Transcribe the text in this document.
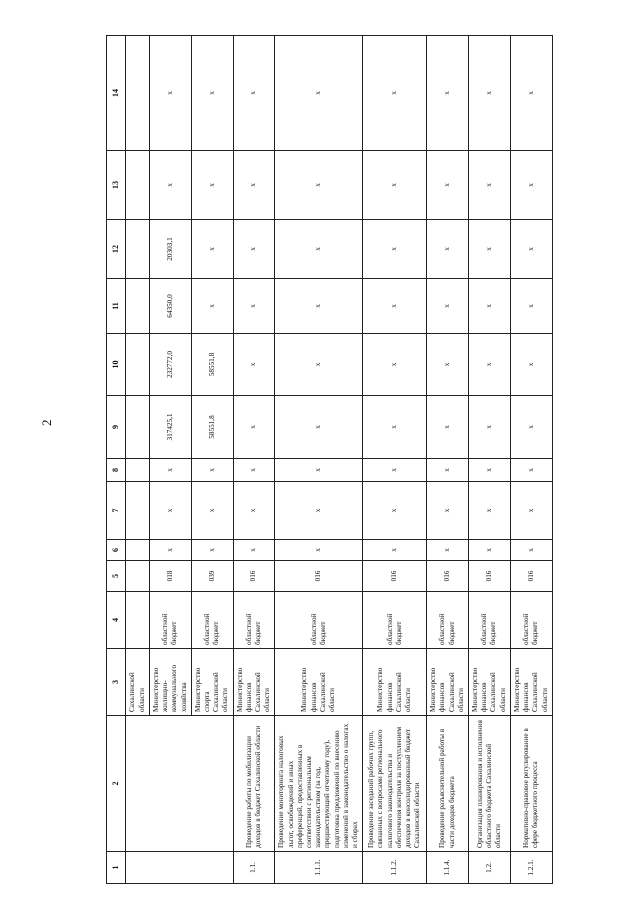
2
1	2	3	4	5	6	7	8	9	10	11	12	13	14
		Сахалинской области											
		Министерство жилищно-коммунального хозяйства	областной бюджет	018	х	х	х	317425,1	232772,0	64350,0	20303,1	х	х
		Министерство спорта Сахалинской области	областной бюджет	039	х	х	х	58551,8	58551,8	х	х	х	х
1.1.	Проведение работы по мобилизации доходов в бюджет Сахалинской области	Министерство финансов Сахалинской области	областной бюджет	016	х	х	х	х	х	х	х	х	х
1.1.1.	Проведение мониторинга налоговых льгот, освобождений и иных преференций, предоставленных в соответствии с региональным законодательством (за год, предшествующий отчетному году), подготовка предложений по внесению изменений в законодательство о налогах и сборах	Министерство финансов Сахалинской области	областной бюджет	016	х	х	х	х	х	х	х	х	х
1.1.2.	Проведение заседаний рабочих групп, связанных с вопросами регионального налогового законодательства и обеспечения контроля за поступлением доходов в консолидированный бюджет Сахалинской области	Министерство финансов Сахалинской области	областной бюджет	016	х	х	х	х	х	х	х	х	х
1.1.4.	Проведение разъяснительной работы в части доходов бюджета	Министерство финансов Сахалинской области	областной бюджет	016	х	х	х	х	х	х	х	х	х
1.2.	Организация планирования и исполнения областного бюджета Сахалинской области	Министерство финансов Сахалинской области	областной бюджет	016	х	х	х	х	х	х	х	х	х
1.2.1.	Нормативно-правовое регулирование в сфере бюджетного процесса	Министерство финансов Сахалинской области	областной бюджет	016	х	х	х	х	х	х	х	х	х
